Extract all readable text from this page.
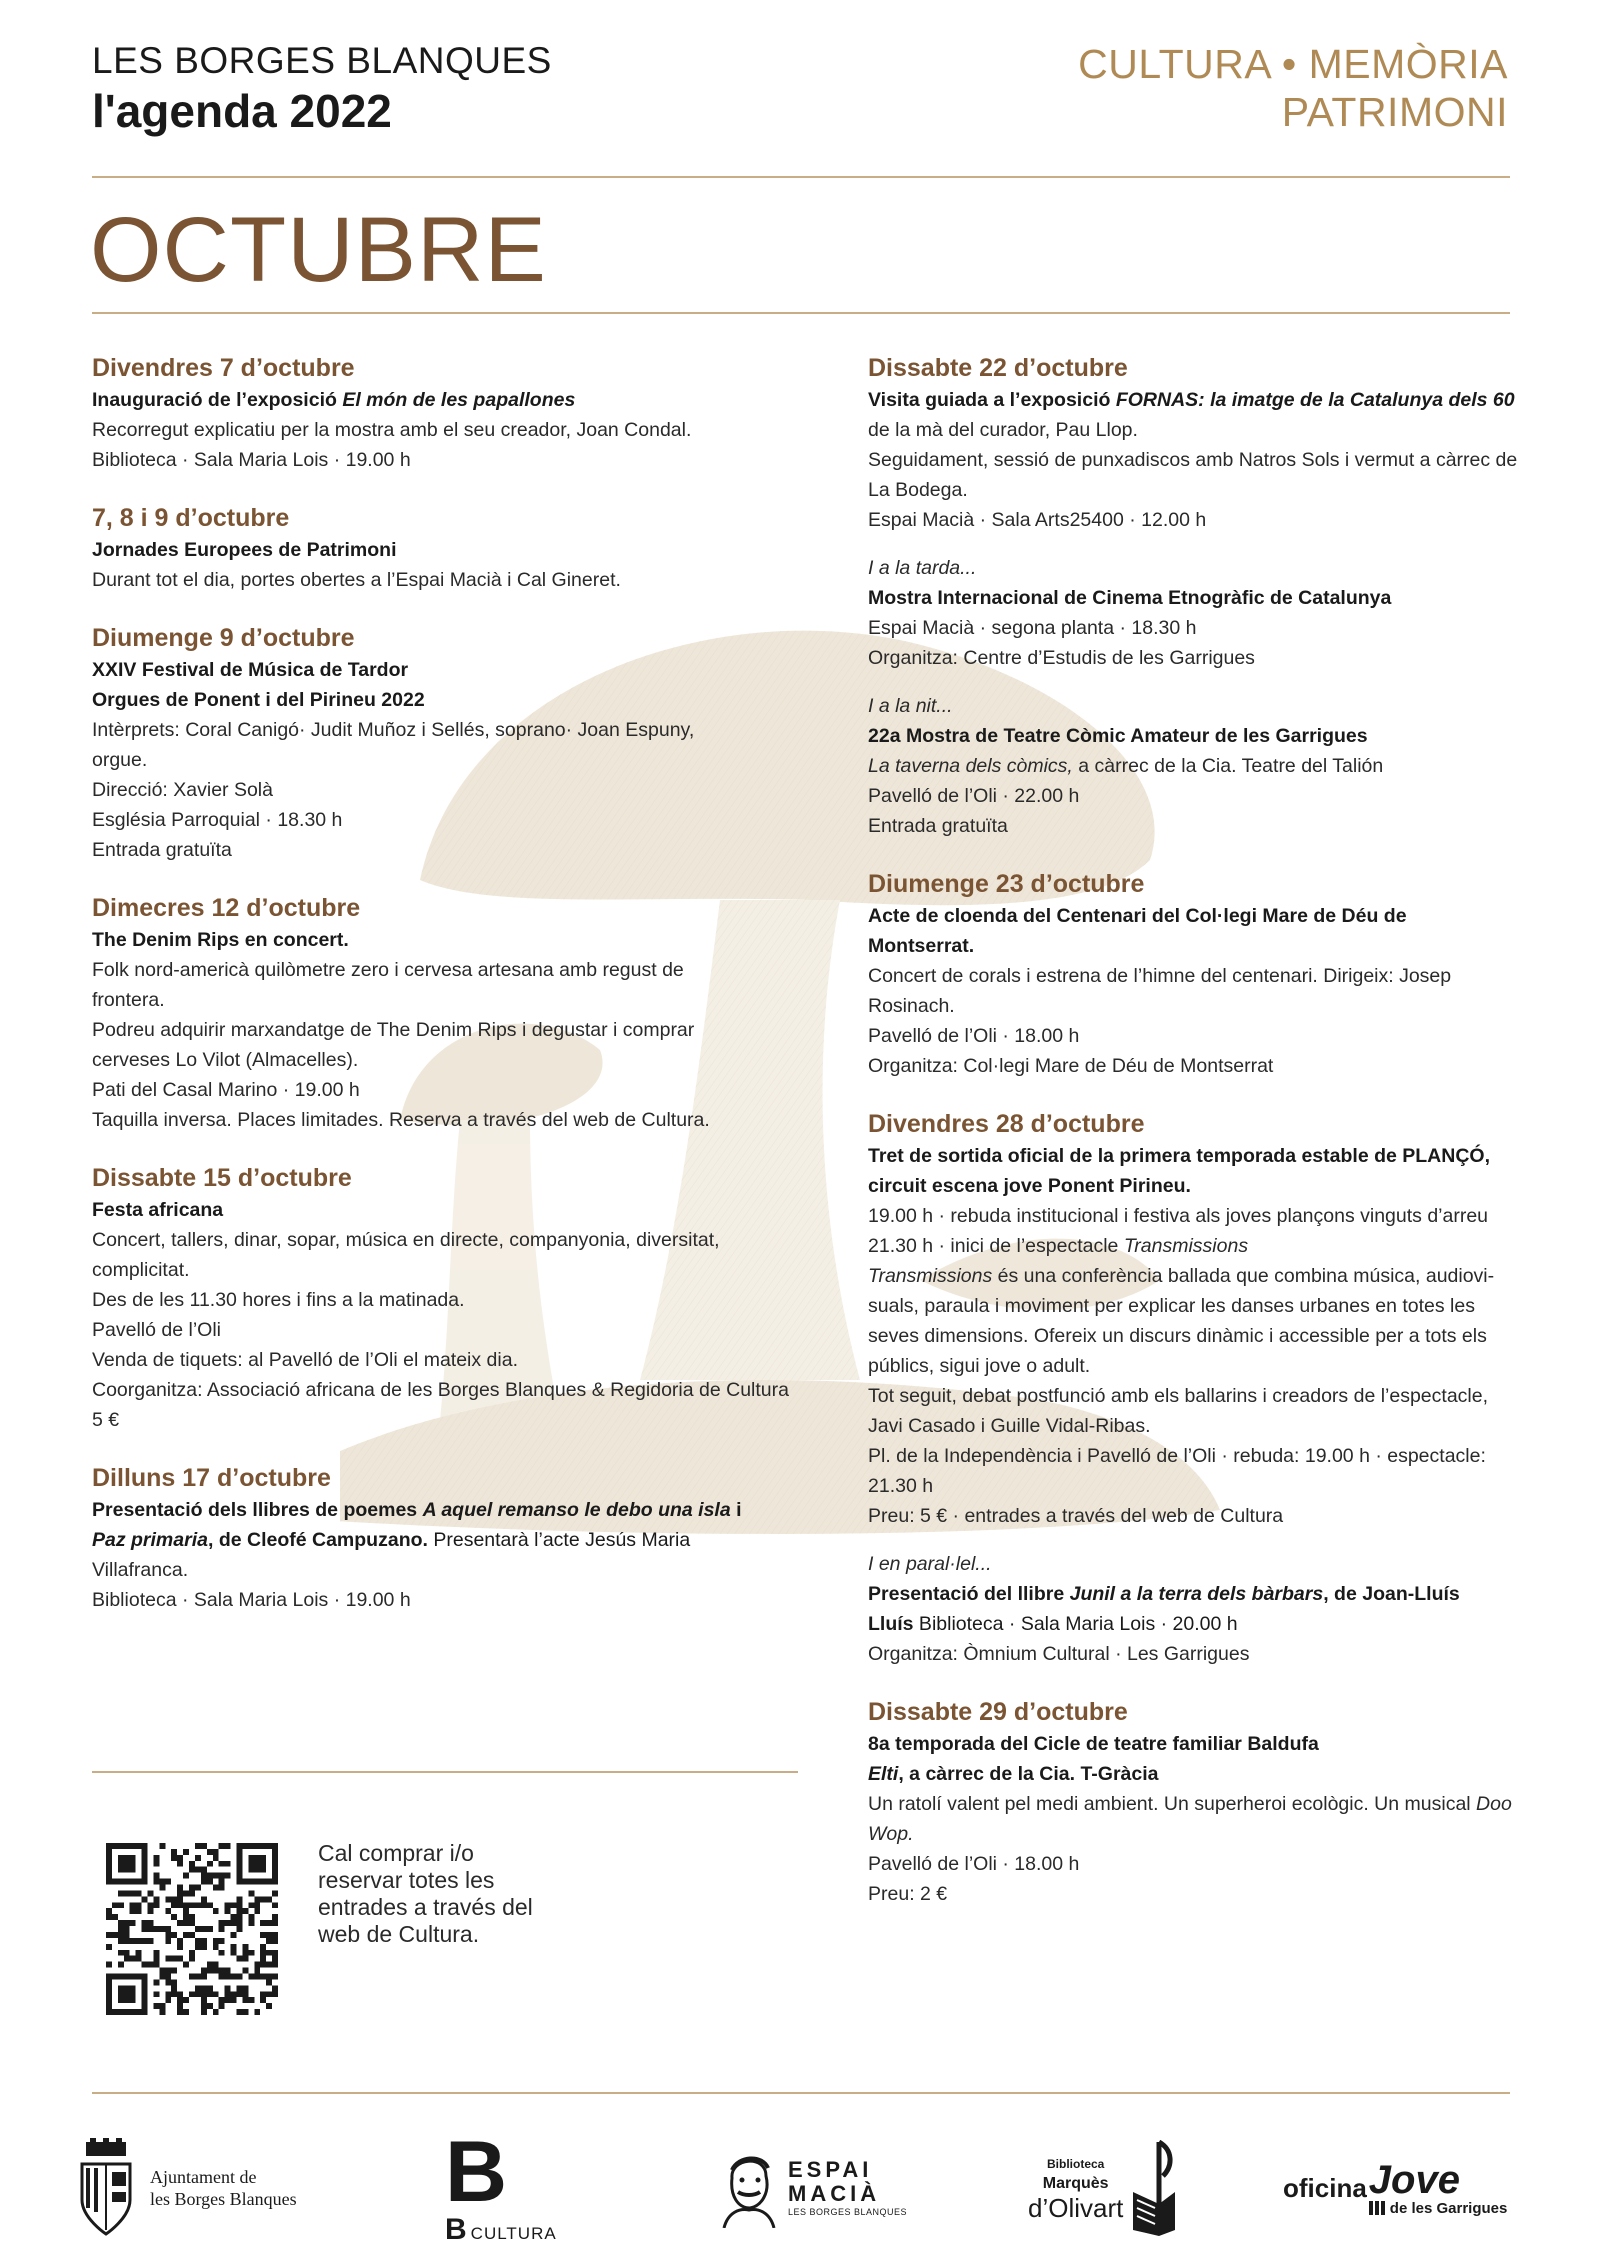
LES BORGES BLANQUES
l'agenda 2022
CULTURA • MEMÒRIA
PATRIMONI
OCTUBRE
Divendres 7 d’octubre
Inauguració de l’exposició El món de les papallones
Recorregut explicatiu per la mostra amb el seu creador, Joan Condal.
Biblioteca · Sala Maria Lois · 19.00 h
7, 8 i 9 d’octubre
Jornades Europees de Patrimoni
Durant tot el dia, portes obertes a l’Espai Macià i Cal Gineret.
Diumenge 9 d’octubre
XXIV Festival de Música de Tardor
Orgues de Ponent i del Pirineu 2022
Intèrprets: Coral Canigó· Judit Muñoz i Sellés, soprano· Joan Espuny,
orgue.
Direcció: Xavier Solà
Església Parroquial · 18.30 h
Entrada gratuïta
Dimecres 12 d’octubre
The Denim Rips en concert.
Folk nord-americà quilòmetre zero i cervesa artesana amb regust de
frontera.
Podreu adquirir marxandatge de The Denim Rips i degustar i comprar
cerveses Lo Vilot (Almacelles).
Pati del Casal Marino · 19.00 h
Taquilla inversa. Places limitades. Reserva a través del web de Cultura.
Dissabte 15 d’octubre
Festa africana
Concert, tallers, dinar, sopar, música en directe, companyonia, diversitat,
complicitat.
Des de les 11.30 hores i fins a la matinada.
Pavelló de l’Oli
Venda de tiquets: al Pavelló de l’Oli el mateix dia.
Coorganitza: Associació africana de les Borges Blanques & Regidoria de Cultura
5 €
Dilluns 17 d’octubre
Presentació dels llibres de poemes A aquel remanso le debo una isla i
Paz primaria, de Cleofé Campuzano. Presentarà l’acte Jesús Maria
Villafranca.
Biblioteca · Sala Maria Lois · 19.00 h
Cal comprar i/o reservar totes les entrades a través del web de Cultura.
Dissabte 22 d’octubre
Visita guiada a l’exposició FORNAS: la imatge de la Catalunya dels 60
de la mà del curador, Pau Llop.
Seguidament, sessió de punxadiscos amb Natros Sols i vermut a càrrec de
La Bodega.
Espai Macià · Sala Arts25400 · 12.00 h
I a la tarda...
Mostra Internacional de Cinema Etnogràfic de Catalunya
Espai Macià · segona planta · 18.30 h
Organitza: Centre d’Estudis de les Garrigues
I a la nit...
22a Mostra de Teatre Còmic Amateur de les Garrigues
La taverna dels còmics, a càrrec de la Cia. Teatre del Talión
Pavelló de l’Oli · 22.00 h
Entrada gratuïta
Diumenge 23 d’octubre
Acte de cloenda del Centenari del Col·legi Mare de Déu de
Montserrat.
Concert de corals i estrena de l’himne del centenari. Dirigeix: Josep
Rosinach.
Pavelló de l’Oli · 18.00 h
Organitza: Col·legi Mare de Déu de Montserrat
Divendres 28 d’octubre
Tret de sortida oficial de la primera temporada estable de PLANÇÓ,
circuit escena jove Ponent Pirineu.
19.00 h · rebuda institucional i festiva als joves plançons vinguts d’arreu
21.30 h · inici de l’espectacle Transmissions
Transmissions és una conferència ballada que combina música, audiovi-
suals, paraula i moviment per explicar les danses urbanes en totes les
seves dimensions. Ofereix un discurs dinàmic i accessible per a tots els
públics, sigui jove o adult.
Tot seguit, debat postfunció amb els ballarins i creadors de l’espectacle,
Javi Casado i Guille Vidal-Ribas.
Pl. de la Independència i Pavelló de l’Oli · rebuda: 19.00 h · espectacle:
21.30 h
Preu: 5 € · entrades a través del web de Cultura
I en paral·lel...
Presentació del llibre Junil a la terra dels bàrbars, de Joan-Lluís
Lluís Biblioteca · Sala Maria Lois · 20.00 h
Organitza: Òmnium Cultural · Les Garrigues
Dissabte 29 d’octubre
8a temporada del Cicle de teatre familiar Baldufa
Elti, a càrrec de la Cia. T-Gràcia
Un ratolí valent pel medi ambient. Un superheroi ecològic. Un musical Doo
Wop.
Pavelló de l’Oli · 18.00 h
Preu: 2 €
Ajuntament de
les Borges Blanques B
B CULTURA
ESPAI
MACIÀ
LES BORGES BLANQUES
Biblioteca
Marquès
d’Olivart
oficina Jove
de les Garrigues
